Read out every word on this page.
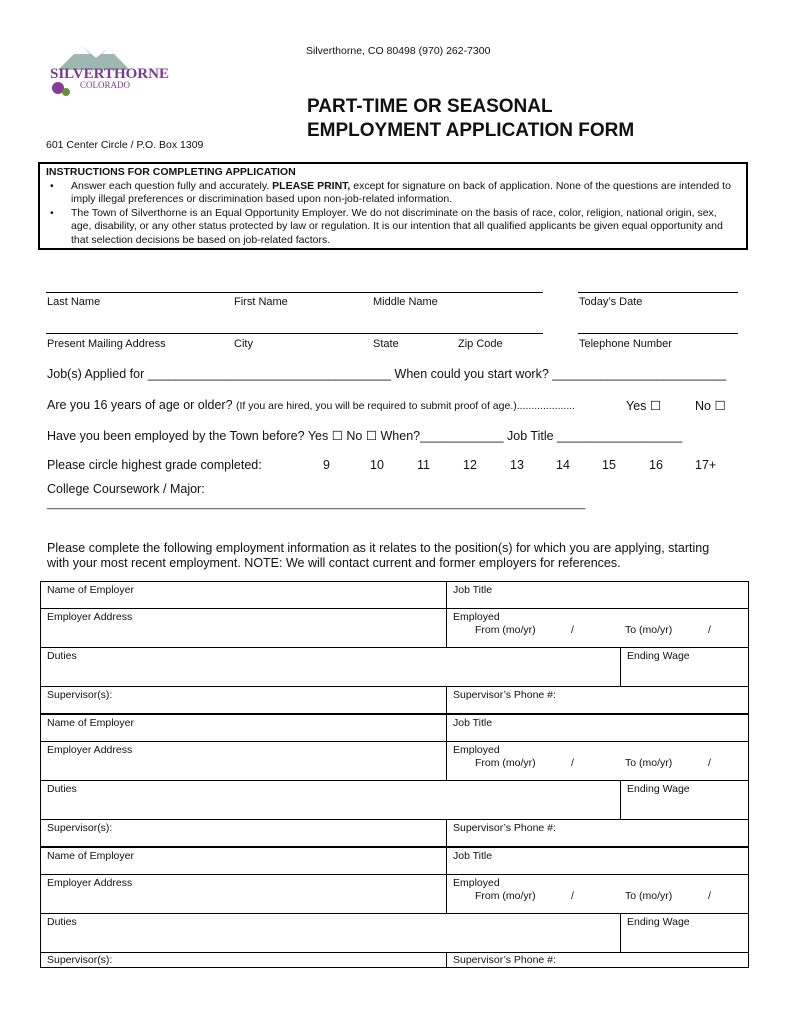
SILVERTHORNE
COLORADO
Silverthorne, CO 80498 (970) 262-7300
601 Center Circle / P.O. Box 1309
PART-TIME OR SEASONAL
EMPLOYMENT APPLICATION FORM
INSTRUCTIONS FOR COMPLETING APPLICATION
• Answer each question fully and accurately. PLEASE PRINT, except for signature on back of application. None of the questions are intended to imply illegal preferences or discrimination based upon non-job-related information.
• The Town of Silverthorne is an Equal Opportunity Employer. We do not discriminate on the basis of race, color, religion, national origin, sex, age, disability, or any other status protected by law or regulation. It is our intention that all qualified applicants be given equal opportunity and that selection decisions be based on job-related factors.
Last Name	First Name	Middle Name	Today’s Date
Present Mailing Address	City	State	Zip Code	Telephone Number
Job(s) Applied for ___________________________________ When could you start work? _________________________
Are you 16 years of age or older? (If you are hired, you will be required to submit proof of age.)....................	Yes ☐	No ☐
Have you been employed by the Town before? Yes ☐ No ☐ When?____________ Job Title __________________
Please circle highest grade completed:	9	10	11	12	13	14	15	16	17+
College Coursework / Major:
________________________________________________________________________________________
Please complete the following employment information as it relates to the position(s) for which you are applying, starting
with your most recent employment. NOTE: We will contact current and former employers for references.
Name of Employer	Job Title
Employer Address	Employed
From (mo/yr)	/	To (mo/yr)	/
Duties	Ending Wage
Supervisor(s):	Supervisor’s Phone #:
Name of Employer	Job Title
Employer Address	Employed
From (mo/yr)	/	To (mo/yr)	/
Duties	Ending Wage
Supervisor(s):	Supervisor’s Phone #:
Name of Employer	Job Title
Employer Address	Employed
From (mo/yr)	/	To (mo/yr)	/
Duties	Ending Wage
Supervisor(s):	Supervisor’s Phone #:
